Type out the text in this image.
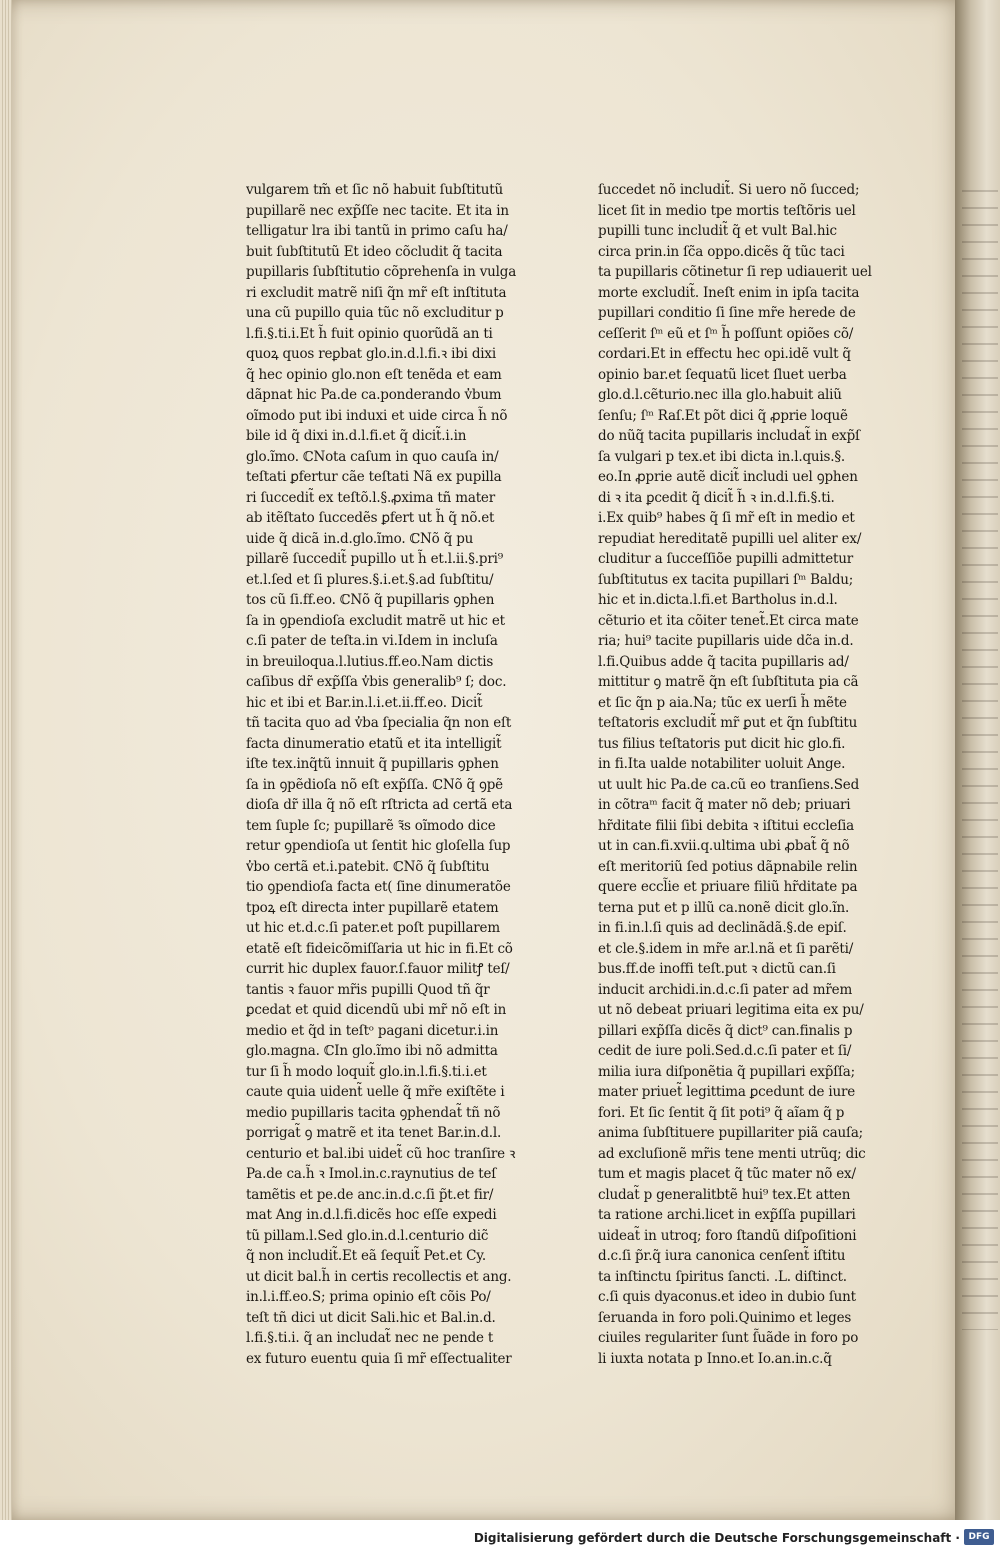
vulgarem tm̃ et ſic nõ habuit ſubſtitutũ
pupillarẽ nec exp̃ſſe nec tacite. Et ita in
telligatur lra ibi tantũ in primo caſu ha/
buit ſubſtitutũ Et ideo cõcludit q̃ tacita
pupillaris ſubſtitutio cõprehenſa in vulga
ri excludit matrẽ niſi q̃n mr̃ eſt inſtituta
una cũ pupillo quia tũc nõ excluditur p
l.fi.§.ti.i.Et h̃ fuit opinio quorũdã an ti
quoꝝ quos reꝑbat glo.in.d.l.fi.ꝛ ibi dixi
q̃ hec opinio glo.non eſt tenẽda et eam
dãpnat hic Pa.de ca.ponderando v̓bum
oĩmodo put ibi induxi et uide circa h̃ nõ
bile id q̃ dixi in.d.l.fi.et q̃ dicit̃.i.in
glo.ĩmo. ℂNota caſum in quo cauſa in/
teſtati ꝑfertur cãe teſtati Nã ex pupilla
ri ſuccedit̃ ex teſtõ.l.§.ꝓxima tñ mater
ab itẽſtato ſuccedẽs ꝑfert ut h̃ q̃ nõ.et
uide q̃ dicã in.d.glo.ĩmo. ℂNõ q̃ pu
pillarẽ ſuccedit̃ pupillo ut h̃ et.l.ii.§.pri⁹
et.l.ſed et ſi plures.§.i.et.§.ad ſubſtitu/
tos cũ ſi.ff.eo. ℂNõ q̃ pupillaris ꝯphen
ſa in ꝯpendioſa excludit matrẽ ut hic et
c.ſi pater de teſta.in vi.Idem in incluſa
in breuiloqua.l.lutius.ff.eo.Nam dictis
caſibus dr̃ exp̃ſſa v̓bis generalib⁹ ſ; doc.
hic et ibi et Bar.in.l.i.et.ii.ff.eo. Dicit̃
tñ tacita quo ad v̓ba ſpecialia q̃n non eſt
facta dinumeratio etatũ et ita intelligit̃
iſte tex.inq̃tũ innuit q̃ pupillaris ꝯphen
ſa in ꝯpẽdioſa nõ eſt exp̃ſſa. ℂNõ q̃ ꝯpẽ
dioſa dr̃ illa q̃ nõ eſt rſtricta ad certã eta
tem ſuple ſc; pupillarẽ ꝛ̃s oĩmodo dice
retur ꝯpendioſa ut ſentit hic gloſella ſup
v̓bo certã et.i.patebit. ℂNõ q̃ ſubſtitu
tio ꝯpendioſa facta et( ſine dinumeratõe
tpoꝝ eſt directa inter pupillarẽ etatem
ut hic et.d.c.ſi pater.et poſt pupillarem
etatẽ eſt fideicõmiſſaria ut hic in fi.Et cõ
currit hic duplex fauor.ſ.fauor militꝭ teſ/
tantis ꝛ fauor mr̃is pupilli Quod tñ q̃r
ꝑcedat et quid dicendũ ubi mr̃ nõ eſt in
medio et q̃d in teſtᵒ pagani dicetur.i.in
glo.magna. ℂIn glo.ĩmo ibi nõ admitta
tur ſi h̃ modo loquit̃ glo.in.l.fi.§.ti.i.et
caute quia uident̃ uelle q̃ mr̃e exiſtẽte i
medio pupillaris tacita ꝯphendat̃ tñ nõ
porrigat̃ ꝯ matrẽ et ita tenet Bar.in.d.l.
centurio et bal.ibi uidet̃ cũ hoc tranſire ꝛ
Pa.de ca.h̃ ꝛ Imol.in.c.raynutius de teſ
tamẽtis et pe.de anc.in.d.c.ſi p̃t.et fir/
mat Ang in.d.l.fi.dicẽs hoc eſſe expedi
tũ pillam.l.Sed glo.in.d.l.centurio dic̃
q̃ non includit̃.Et eã ſequit̃ Pet.et Cy.
ut dicit bal.h̃ in certis recollectis et ang.
in.l.i.ff.eo.S; prima opinio eſt cõis Po/
teſt tñ dici ut dicit Sali.hic et Bal.in.d.
l.fi.§.ti.i. q̃ an includat̃ nec ne pende t
ex futuro euentu quia ſi mr̃ eſſectualiter
ſuccedet nõ includit̃. Si uero nõ ſucced;
licet ſit in medio tpe mortis teſtõris uel
pupilli tunc includit̃ q̃ et vult Bal.hic
circa prin.in ſc̃a oppo.dicẽs q̃ tũc taci
ta pupillaris cõtinetur ſi rep udiauerit uel
morte excludit̃. Ineſt enim in ipſa tacita
pupillari conditio ſi ſine mr̃e herede de
ceſſerit ſᵐ eũ et ſᵐ h̃ poſſunt opiões cõ/
cordari.Et in effectu hec opi.idẽ vult q̃
opinio bar.et ſequatũ licet ſluet uerba
glo.d.l.cẽturio.nec illa glo.habuit aliũ
ſenſu; ſᵐ Raſ.Et põt dici q̃ ꝓprie loquẽ
do nũq̃ tacita pupillaris includat̃ in exp̃ſ
ſa vulgari p tex.et ibi dicta in.l.quis.§.
eo.In ꝓprie autẽ dicit̃ includi uel ꝯphen
di ꝛ ita ꝑcedit q̃ dicit̃ h̃ ꝛ in.d.l.fi.§.ti.
i.Ex quib⁹ habes q̃ ſi mr̃ eſt in medio et
repudiat hereditatẽ pupilli uel aliter ex/
cluditur a ſucceſſiõe pupilli admittetur
ſubſtitutus ex tacita pupillari ſᵐ Baldu;
hic et in.dicta.l.fi.et Bartholus in.d.l.
cẽturio et ita cõiter tenet̃.Et circa mate
ria; hui⁹ tacite pupillaris uide dc̃a in.d.
l.fi.Quibus adde q̃ tacita pupillaris ad/
mittitur ꝯ matrẽ q̃n eſt ſubſtituta pia cã
et ſic q̃n p aia.Na; tũc ex uerſi h̃ mẽte
teſtatoris excludit̃ mr̃ ꝑut et q̃n ſubſtitu
tus filius teſtatoris put dicit hic glo.fi.
in fi.Ita ualde notabiliter uoluit Ange.
ut uult hic Pa.de ca.cũ eo tranſiens.Sed
in cõtraᵐ facit q̃ mater nõ deb; priuari
hr̃ditate filii ſibi debita ꝛ iſtitui eccleſia
ut in can.fi.xvii.q.ultima ubi ꝓbat̃ q̃ nõ
eſt meritoriũ ſed potius dãpnabile relin
quere eccl̃ie et priuare filiũ hr̃ditate pa
terna put et p illũ ca.nonẽ dicit glo.ĩn.
in fi.in.l.ſi quis ad declinãdã.§.de epiſ.
et cle.§.idem in mr̃e ar.l.nã et ſi parẽti/
bus.ff.de inoffi teſt.put ꝛ dictũ can.ſi
inducit archidi.in.d.c.ſi pater ad mr̃em
ut nõ debeat priuari legitima eita ex pu/
pillari exp̃ſſa dicẽs q̃ dict⁹ can.finalis p
cedit de iure poli.Sed.d.c.ſi pater et ſi/
milia iura diſponẽtia q̃ pupillari exp̃ſſa;
mater priuet̃ legittima ꝑcedunt de iure
fori. Et ſic ſentit q̃ ſit poti⁹ q̃ aĩam q̃ p
anima ſubſtituere pupillariter piã cauſa;
ad excluſionẽ mr̃is tene menti utrũq; dic
tum et magis placet q̃ tũc mater nõ ex/
cludat̃ p generalitbtẽ hui⁹ tex.Et atten
ta ratione archi.licet in exp̃ſſa pupillari
uideat̃ in utroq; foro ſtandũ diſpoſitioni
d.c.ſi p̃r.q̃ iura canonica cenſent̃ iſtitu
ta inſtinctu ſpiritus ſancti. .L. diſtinct.
c.ſi quis dyaconus.et ideo in dubio ſunt
ſeruanda in foro poli.Quinimo et leges
ciuiles regulariter ſunt ſ̃uãde in foro po
li iuxta notata p Inno.et Io.an.in.c.q̃
Digitalisierung gefördert durch die Deutsche Forschungsgemeinschaft · DFG
